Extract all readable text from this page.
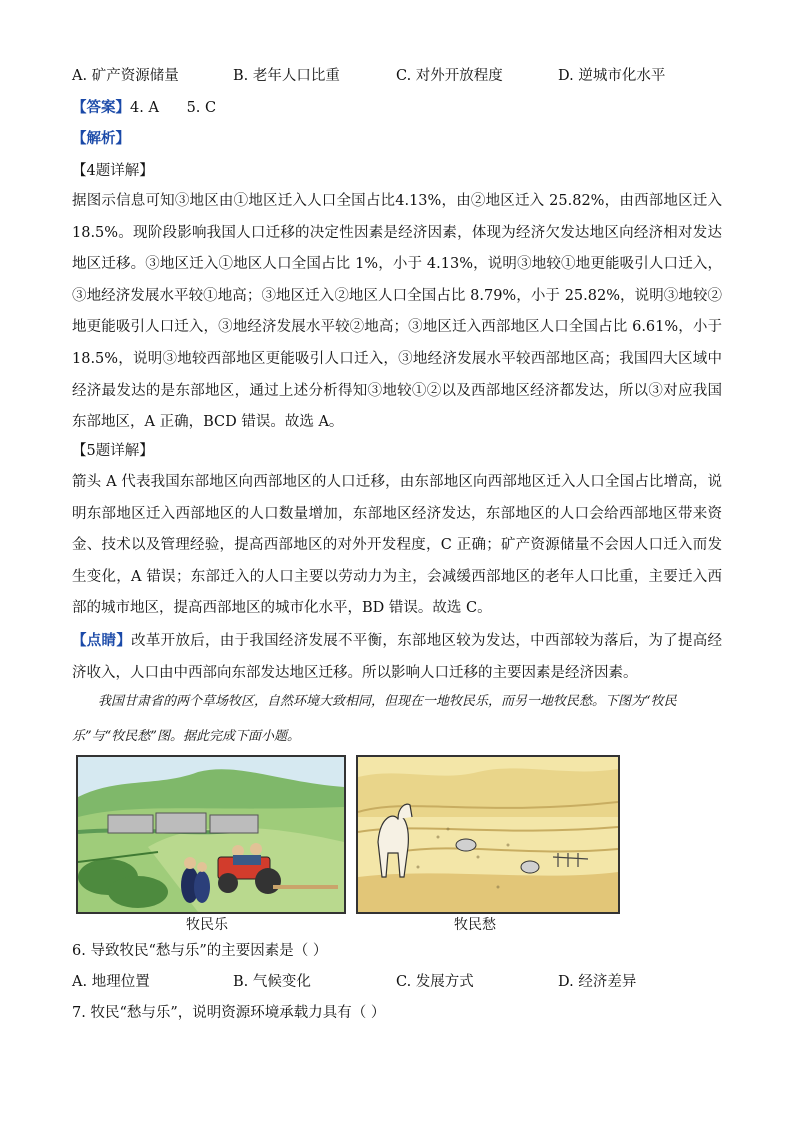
A. 矿产资源储量	B. 老年人口比重	C. 对外开放程度	D. 逆城市化水平
【答案】4. A      5. C
【解析】
【4题详解】
据图示信息可知③地区由①地区迁入人口全国占比4.13%，由②地区迁入 25.82%，由西部地区迁入 18.5%。现阶段影响我国人口迁移的决定性因素是经济因素，体现为经济欠发达地区向经济相对发达地区迁移。③地区迁入①地区人口全国占比 1%，小于 4.13%，说明③地较①地更能吸引人口迁入，③地经济发展水平较①地高；③地区迁入②地区人口全国占比 8.79%，小于 25.82%，说明③地较②地更能吸引人口迁入，③地经济发展水平较②地高；③地区迁入西部地区人口全国占比 6.61%，小于 18.5%，说明③地较西部地区更能吸引人口迁入，③地经济发展水平较西部地区高；我国四大区域中经济最发达的是东部地区，通过上述分析得知③地较①②以及西部地区经济都发达，所以③对应我国东部地区，A 正确，BCD 错误。故选 A。
【5题详解】
箭头 A 代表我国东部地区向西部地区的人口迁移，由东部地区向西部地区迁入人口全国占比增高，说明东部地区迁入西部地区的人口数量增加，东部地区经济发达，东部地区的人口会给西部地区带来资金、技术以及管理经验，提高西部地区的对外开发程度，C 正确；矿产资源储量不会因人口迁入而发生变化，A 错误；东部迁入的人口主要以劳动力为主，会减缓西部地区的老年人口比重，主要迁入西部的城市地区，提高西部地区的城市化水平，BD 错误。故选 C。
【点睛】改革开放后，由于我国经济发展不平衡，东部地区较为发达，中西部较为落后，为了提高经济收入，人口由中西部向东部发达地区迁移。所以影响人口迁移的主要因素是经济因素。
我国甘肃省的两个草场牧区，自然环境大致相同，但现在一地牧民乐，而另一地牧民愁。下图为“牧民乐”与“牧民愁”图。据此完成下面小题。
牧民乐	牧民愁
6. 导致牧民“愁与乐”的主要因素是（ ）
A. 地理位置	B. 气候变化	C. 发展方式	D. 经济差异
7. 牧民“愁与乐”，说明资源环境承载力具有（ ）
